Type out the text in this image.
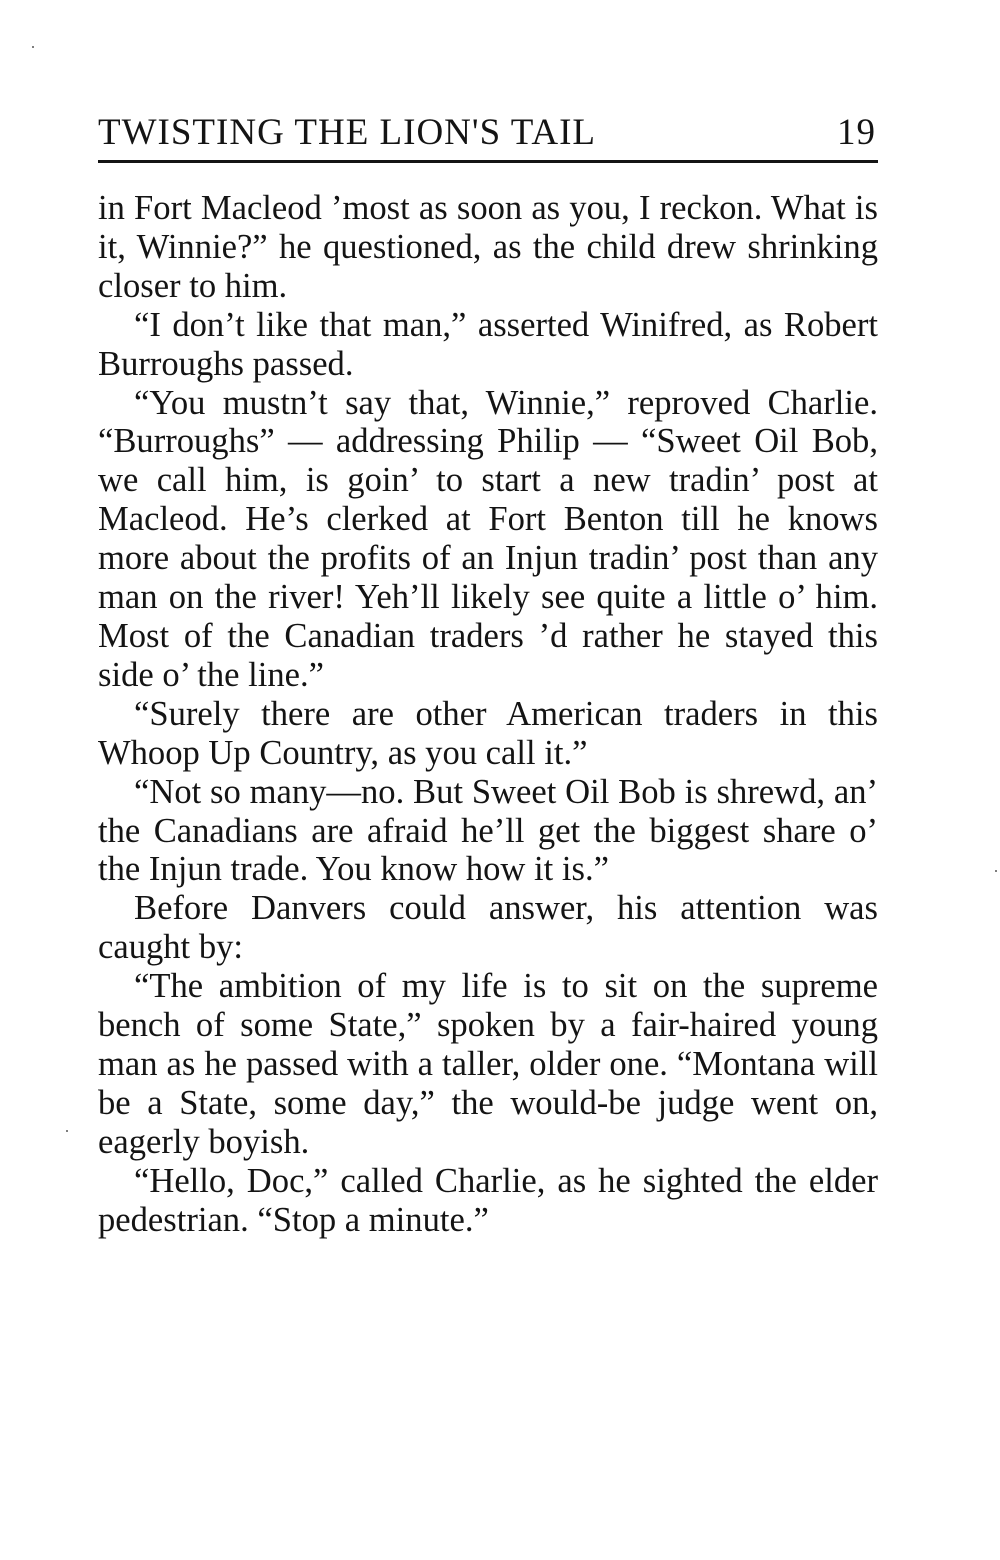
TWISTING THE LION'S TAIL	19

in Fort Macleod ’most as soon as you, I reckon. What is it, Winnie?” he questioned, as the child drew shrinking closer to him.

“I don’t like that man,” asserted Winifred, as Robert Burroughs passed.

“You mustn’t say that, Winnie,” reproved Charlie. “Burroughs” — addressing Philip — “Sweet Oil Bob, we call him, is goin’ to start a new tradin’ post at Macleod. He’s clerked at Fort Benton till he knows more about the profits of an Injun tradin’ post than any man on the river! Yeh’ll likely see quite a little o’ him. Most of the Canadian traders ’d rather he stayed this side o’ the line.”

“Surely there are other American traders in this Whoop Up Country, as you call it.”

“Not so many—no. But Sweet Oil Bob is shrewd, an’ the Canadians are afraid he’ll get the biggest share o’ the Injun trade. You know how it is.”

Before Danvers could answer, his attention was caught by:

“The ambition of my life is to sit on the supreme bench of some State,” spoken by a fair-haired young man as he passed with a taller, older one. “Montana will be a State, some day,” the would-be judge went on, eagerly boyish.

“Hello, Doc,” called Charlie, as he sighted the elder pedestrian. “Stop a minute.”
